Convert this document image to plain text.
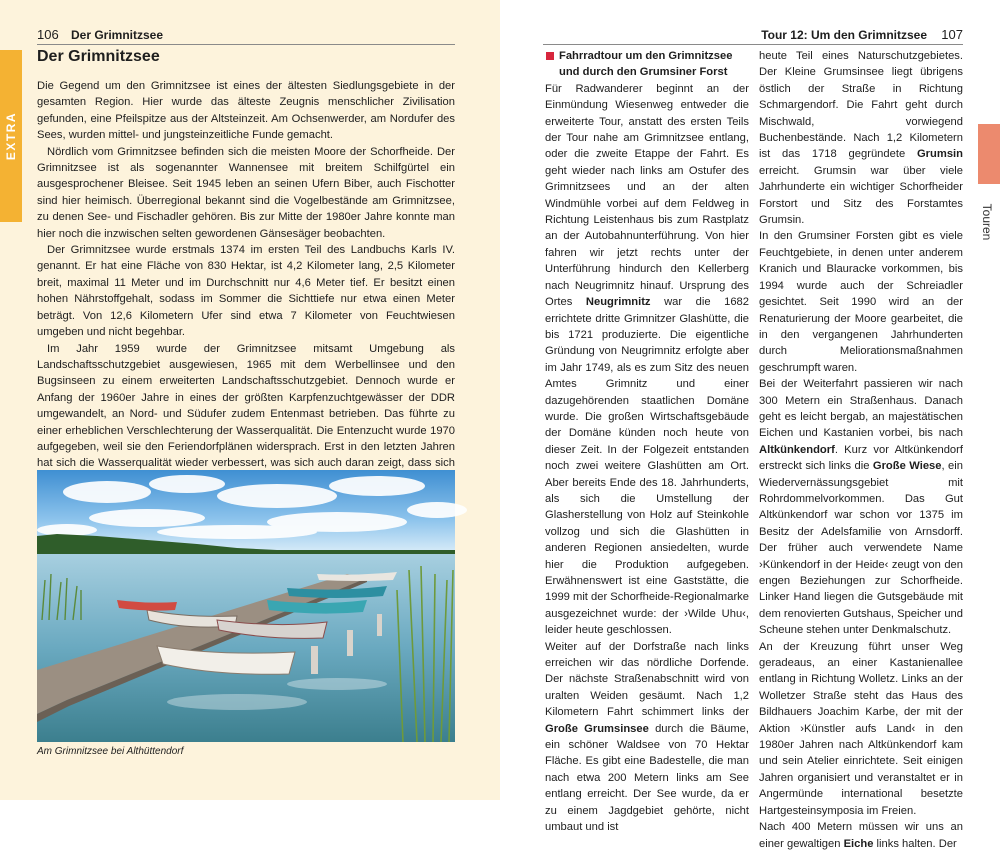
106 Der Grimnitzsee
EXTRA
Der Grimnitzsee

Die Gegend um den Grimnitzsee ist eines der ältesten Siedlungsgebiete in der gesamten Region. Hier wurde das älteste Zeugnis menschlicher Zivilisation gefunden, eine Pfeilspitze aus der Altsteinzeit. Am Ochsenwerder, am Nordufer des Sees, wurden mittel- und jungsteinzeitliche Funde gemacht.

Nördlich vom Grimnitzsee befinden sich die meisten Moore der Schorfheide. Der Grimnitzsee ist als sogenannter Wannensee mit breitem Schilfgürtel ein ausgesprochener Bleisee. Seit 1945 leben an seinen Ufern Biber, auch Fischotter sind hier heimisch. Überregional bekannt sind die Vogelbestände am Grimnitzsee, zu denen See- und Fischadler gehören. Bis zur Mitte der 1980er Jahre konnte man hier noch die inzwischen selten gewordenen Gänsesäger beobachten.

Der Grimnitzsee wurde erstmals 1374 im ersten Teil des Landbuchs Karls IV. genannt. Er hat eine Fläche von 830 Hektar, ist 4,2 Kilometer lang, 2,5 Kilometer breit, maximal 11 Meter und im Durchschnitt nur 4,6 Meter tief. Er besitzt einen hohen Nährstoffgehalt, sodass im Sommer die Sichttiefe nur etwa einen Meter beträgt. Von 12,6 Kilometern Ufer sind etwa 7 Kilometer von Feuchtwiesen umgeben und nicht begehbar.

Im Jahr 1959 wurde der Grimnitzsee mitsamt Umgebung als Landschaftsschutzgebiet ausgewiesen, 1965 mit dem Werbellinsee und den Bugsinseen zu einem erweiterten Landschaftsschutzgebiet. Dennoch wurde er Anfang der 1960er Jahre in eines der größten Karpfenzuchtgewässer der DDR umgewandelt, an Nord- und Südufer zudem Entenmast betrieben. Das führte zu einer erheblichen Verschlechterung der Wasserqualität. Die Entenzucht wurde 1970 aufgegeben, weil sie den Feriendorfplänen widersprach. Erst in den letzten Jahren hat sich die Wasserqualität wieder verbessert, was sich auch daran zeigt, dass sich

Am Grimnitzsee bei Althüttendorf
Tour 12: Um den Grimnitzsee 107
Fahrradtour um den Grimnitzsee und durch den Grumsiner Forst

Für Radwanderer beginnt an der Einmündung Wiesenweg entweder die erweiterte Tour, anstatt des ersten Teils der Tour nahe am Grimnitzsee entlang, oder die zweite Etappe der Fahrt. Es geht wieder nach links am Ostufer des Grimnitzsees und an der alten Windmühle vorbei auf dem Feldweg in Richtung Leistenhaus bis zum Rastplatz an der Autobahnunterführung. Von hier fahren wir jetzt rechts unter der Unterführung hindurch den Kellerberg nach Neugrimnitz hinauf. Ursprung des Ortes Neugrimnitz war die 1682 errichtete dritte Grimnitzer Glashütte, die bis 1721 produzierte. Die eigentliche Gründung von Neugrimnitz erfolgte aber im Jahr 1749, als es zum Sitz des neuen Amtes Grimnitz und einer dazugehörenden staatlichen Domäne wurde. Die großen Wirtschaftsgebäude der Domäne künden noch heute von dieser Zeit. In der Folgezeit entstanden noch zwei weitere Glashütten am Ort. Aber bereits Ende des 18. Jahrhunderts, als sich die Umstellung der Glasherstellung von Holz auf Steinkohle vollzog und sich die Glashütten in anderen Regionen ansiedelten, wurde hier die Produktion aufgegeben. Erwähnenswert ist eine Gaststätte, die 1999 mit der Schorfheide-Regionalmarke ausgezeichnet wurde: der ›Wilde Uhu‹, leider heute geschlossen.
Weiter auf der Dorfstraße nach links erreichen wir das nördliche Dorfende. Der nächste Straßenabschnitt wird von uralten Weiden gesäumt. Nach 1,2 Kilometern Fahrt schimmert links der Große Grumsinsee durch die Bäume, ein schöner Waldsee von 70 Hektar Fläche. Es gibt eine Badestelle, die man nach etwa 200 Metern links am See entlang erreicht. Der See wurde, da er zu einem Jagdgebiet gehörte, nicht umbaut und ist

heute Teil eines Naturschutzgebietes. Der Kleine Grumsinsee liegt übrigens östlich der Straße in Richtung Schmargendorf. Die Fahrt geht durch Mischwald, vorwiegend Buchenbestände. Nach 1,2 Kilometern ist das 1718 gegründete Grumsin erreicht. Grumsin war über viele Jahrhunderte ein wichtiger Schorfheider Forstort und Sitz des Forstamtes Grumsin.
In den Grumsiner Forsten gibt es viele Feuchtgebiete, in denen unter anderem Kranich und Blauracke vorkommen, bis 1994 wurde auch der Schreiadler gesichtet. Seit 1990 wird an der Renaturierung der Moore gearbeitet, die in den vergangenen Jahrhunderten durch Meliorationsmaßnahmen geschrumpft waren.
Bei der Weiterfahrt passieren wir nach 300 Metern ein Straßenhaus. Danach geht es leicht bergab, an majestätischen Eichen und Kastanien vorbei, bis nach Altkünkendorf. Kurz vor Altkünkendorf erstreckt sich links die Große Wiese, ein Wiedervernässungsgebiet mit Rohrdommelvorkommen. Das Gut Altkünkendorf war schon vor 1375 im Besitz der Adelsfamilie von Arnsdorff. Der früher auch verwendete Name ›Künkendorf in der Heide‹ zeugt von den engen Beziehungen zur Schorfheide. Linker Hand liegen die Gutsgebäude mit dem renovierten Gutshaus, Speicher und Scheune stehen unter Denkmalschutz.
An der Kreuzung führt unser Weg geradeaus, an einer Kastanienallee entlang in Richtung Wolletz. Links an der Wolletzer Straße steht das Haus des Bildhauers Joachim Karbe, der mit der Aktion ›Künstler aufs Land‹ in den 1980er Jahren nach Altkünkendorf kam und sein Atelier einrichtete. Seit einigen Jahren organisiert und veranstaltet er in Angermünde international besetzte Hartgesteinsymposia im Freien.
Nach 400 Metern müssen wir uns an einer gewaltigen Eiche links halten. Der

Touren
